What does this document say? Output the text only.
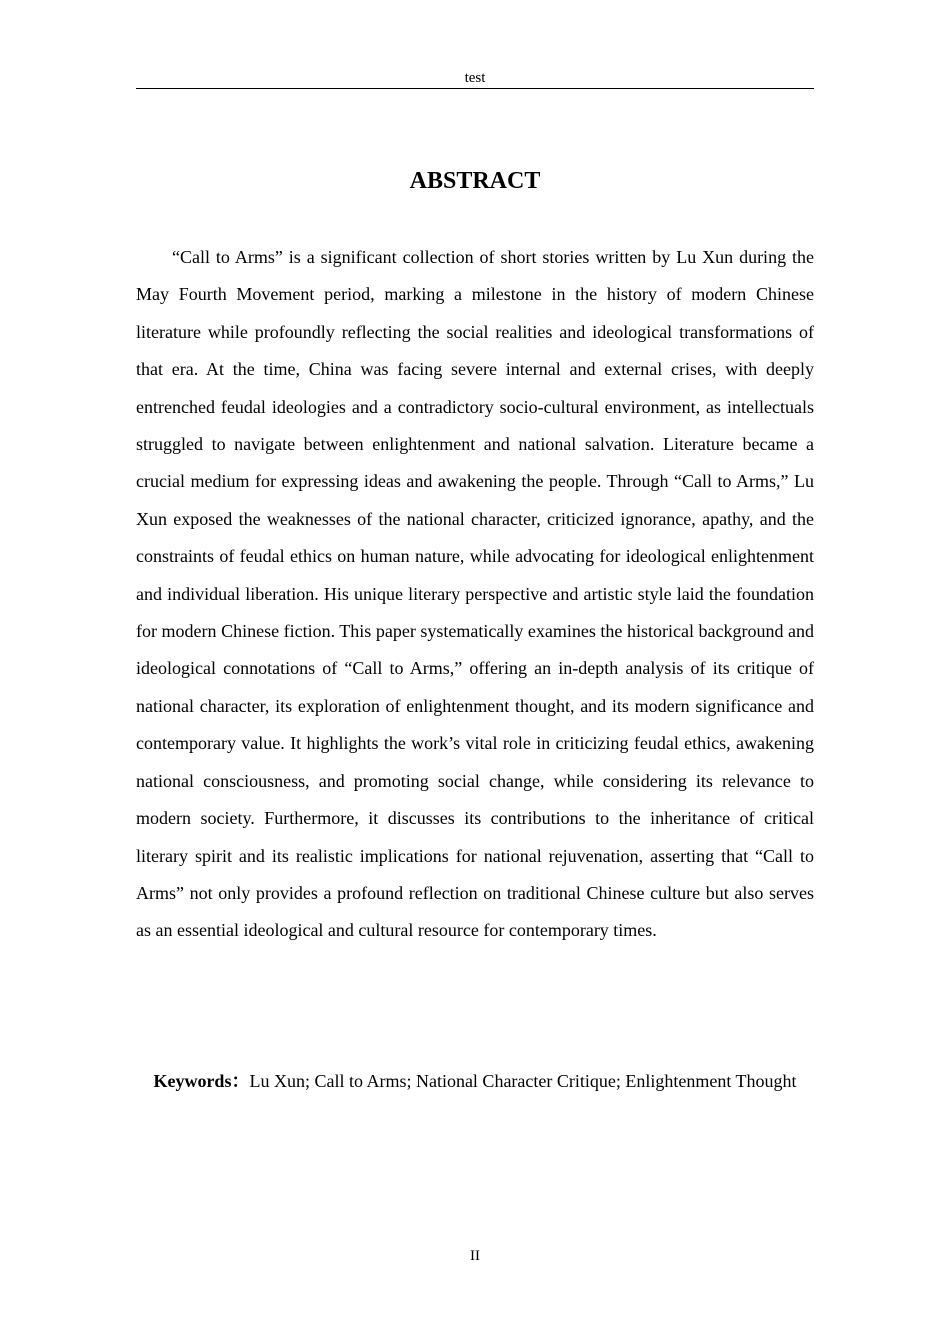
test
ABSTRACT

“Call to Arms” is a significant collection of short stories written by Lu Xun during the May Fourth Movement period, marking a milestone in the history of modern Chinese literature while profoundly reflecting the social realities and ideological transformations of that era. At the time, China was facing severe internal and external crises, with deeply entrenched feudal ideologies and a contradictory socio-cultural environment, as intellectuals struggled to navigate between enlightenment and national salvation. Literature became a crucial medium for expressing ideas and awakening the people. Through “Call to Arms,” Lu Xun exposed the weaknesses of the national character, criticized ignorance, apathy, and the constraints of feudal ethics on human nature, while advocating for ideological enlightenment and individual liberation. His unique literary perspective and artistic style laid the foundation for modern Chinese fiction. This paper systematically examines the historical background and ideological connotations of “Call to Arms,” offering an in-depth analysis of its critique of national character, its exploration of enlightenment thought, and its modern significance and contemporary value. It highlights the work’s vital role in criticizing feudal ethics, awakening national consciousness, and promoting social change, while considering its relevance to modern society. Furthermore, it discusses its contributions to the inheritance of critical literary spirit and its realistic implications for national rejuvenation, asserting that “Call to Arms” not only provides a profound reflection on traditional Chinese culture but also serves as an essential ideological and cultural resource for contemporary times.

Keywords：Lu Xun; Call to Arms; National Character Critique; Enlightenment Thought

II
